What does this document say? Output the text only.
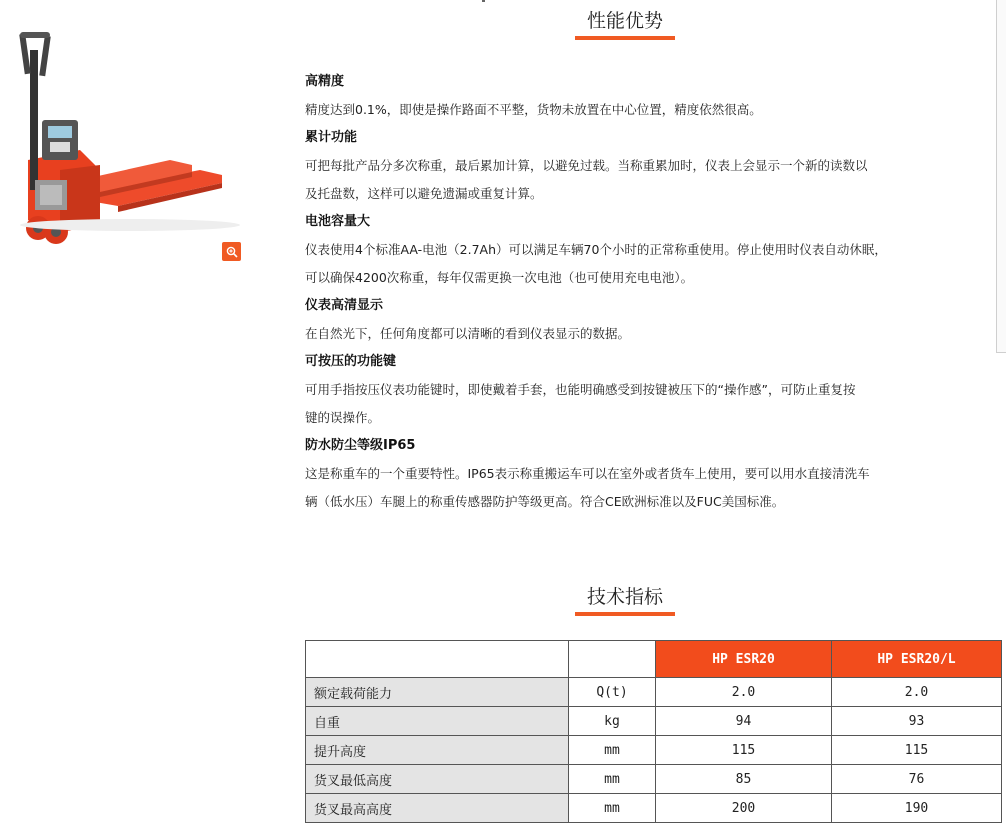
性能优势
高精度
精度达到0.1%，即使是操作路面不平整，货物未放置在中心位置，精度依然很高。
累计功能
可把每批产品分多次称重，最后累加计算，以避免过载。当称重累加时，仪表上会显示一个新的读数以
及托盘数，这样可以避免遗漏或重复计算。
电池容量大
仪表使用4个标准AA-电池（2.7Ah）可以满足车辆70个小时的正常称重使用。停止使用时仪表自动休眠，
可以确保4200次称重，每年仅需更换一次电池（也可使用充电电池）。
仪表高清显示
在自然光下，任何角度都可以清晰的看到仪表显示的数据。
可按压的功能键
可用手指按压仪表功能键时，即使戴着手套，也能明确感受到按键被压下的“操作感”，可防止重复按
键的误操作。
防水防尘等级IP65
这是称重车的一个重要特性。IP65表示称重搬运车可以在室外或者货车上使用，要可以用水直接清洗车
辆（低水压）车腿上的称重传感器防护等级更高。符合CE欧洲标准以及FUC美国标准。
技术指标
		HP ESR20	HP ESR20/L
额定载荷能力	Q(t)	2.0	2.0
自重	kg	94	93
提升高度	mm	115	115
货叉最低高度	mm	85	76
货叉最高高度	mm	200	190
